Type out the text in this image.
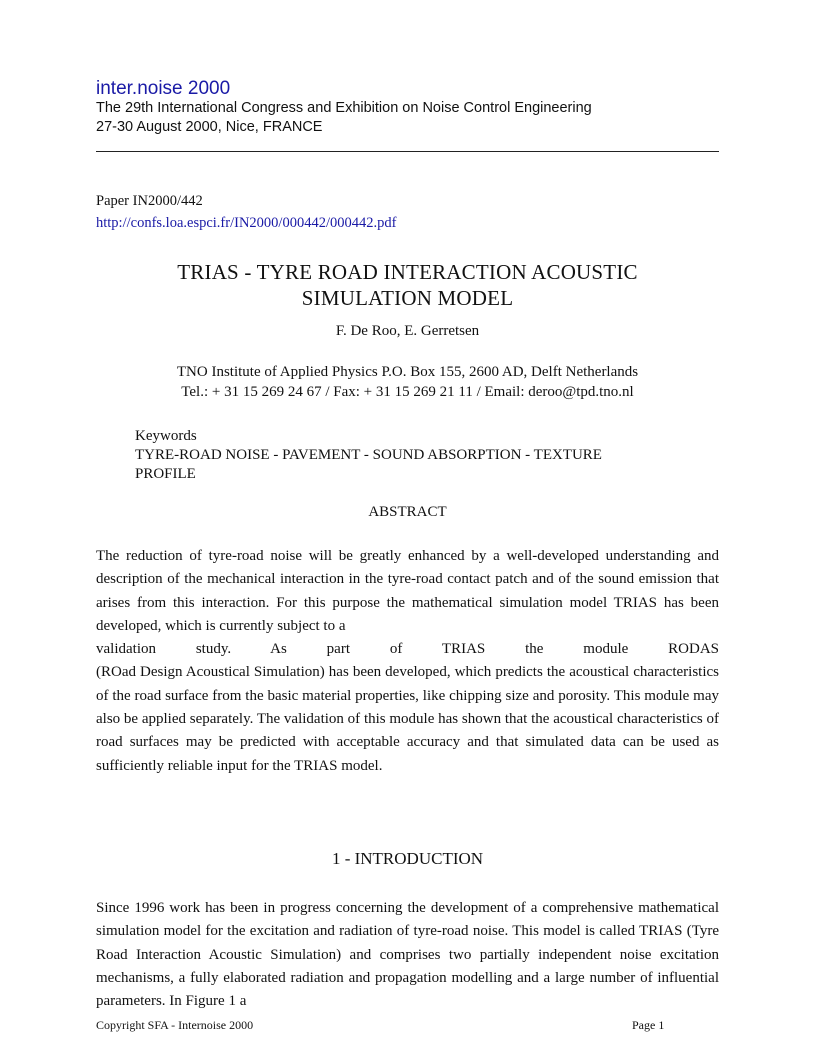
inter.noise 2000
The 29th International Congress and Exhibition on Noise Control Engineering
27-30 August 2000, Nice, FRANCE
Paper IN2000/442
http://confs.loa.espci.fr/IN2000/000442/000442.pdf
TRIAS - TYRE ROAD INTERACTION ACOUSTIC
SIMULATION MODEL
F. De Roo, E. Gerretsen
TNO Institute of Applied Physics P.O. Box 155, 2600 AD, Delft Netherlands
Tel.: + 31 15 269 24 67 / Fax: + 31 15 269 21 11 / Email: deroo@tpd.tno.nl
Keywords
TYRE-ROAD NOISE - PAVEMENT - SOUND ABSORPTION - TEXTURE
PROFILE
ABSTRACT
The reduction of tyre-road noise will be greatly enhanced by a well-developed understanding and description of the mechanical interaction in the tyre-road contact patch and of the sound emission that arises from this interaction. For this purpose the mathematical simulation model TRIAS has been developed, which is currently subject to a
validation study. As part of TRIAS the module RODAS
(ROad Design Acoustical Simulation) has been developed, which predicts the acoustical characteristics of the road surface from the basic material properties, like chipping size and porosity. This module may also be applied separately. The validation of this module has shown that the acoustical characteristics of road surfaces may be predicted with acceptable accuracy and that simulated data can be used as sufficiently reliable input for the TRIAS model.
1 - INTRODUCTION
Since 1996 work has been in progress concerning the development of a comprehensive mathematical simulation model for the excitation and radiation of tyre-road noise. This model is called TRIAS (Tyre Road Interaction Acoustic Simulation) and comprises two partially independent noise excitation mechanisms, a fully elaborated radiation and propagation modelling and a large number of influential parameters. In Figure 1 a
Copyright SFA - Internoise 2000	Page 1
